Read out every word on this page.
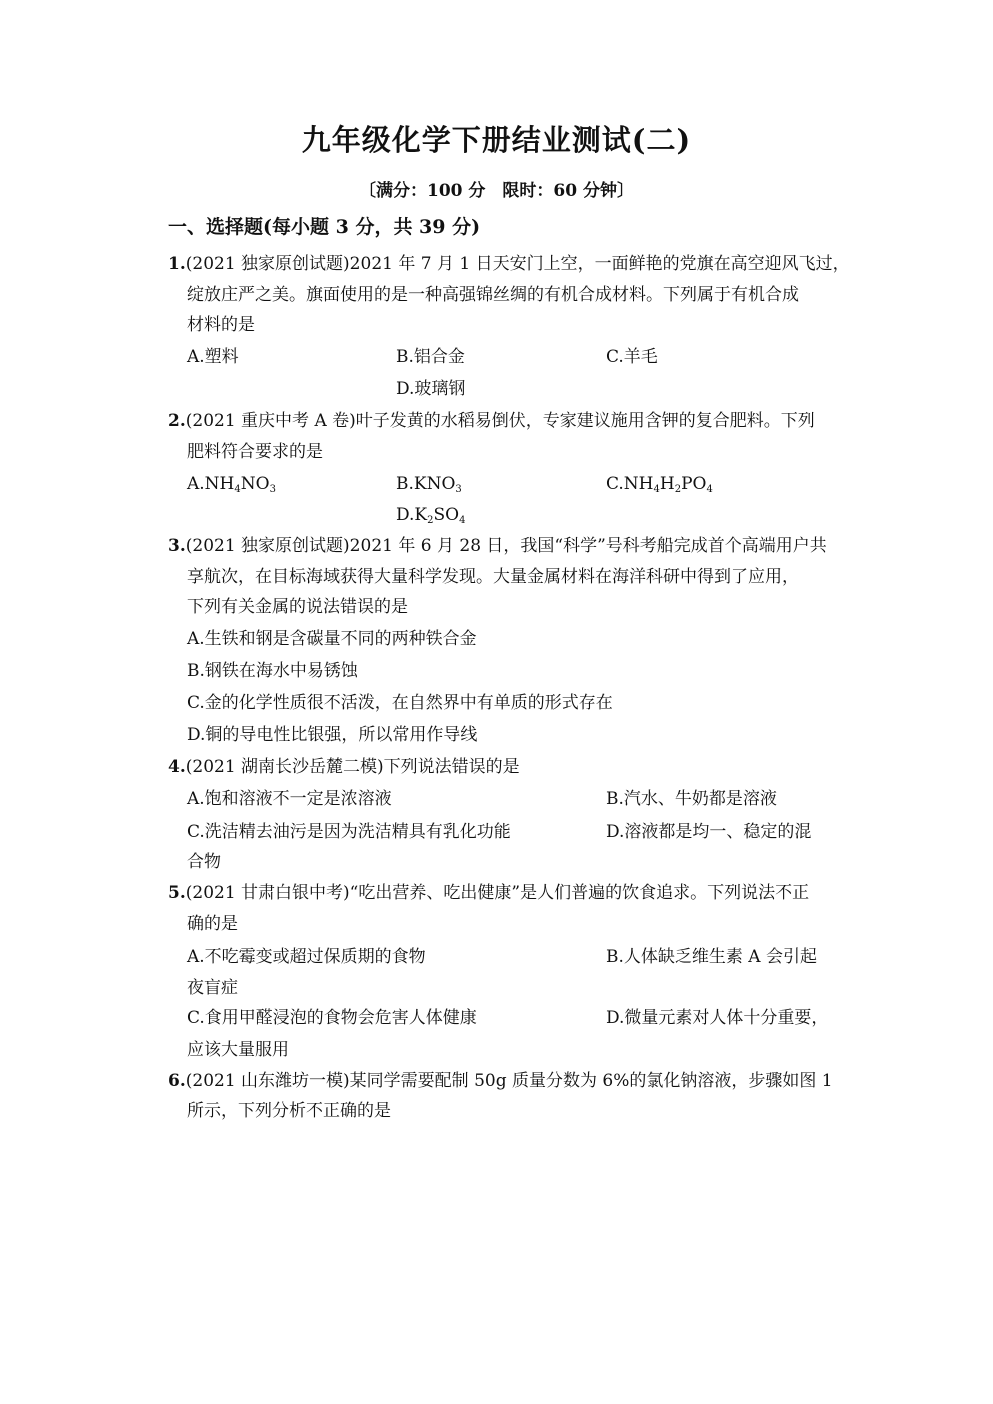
九年级化学下册结业测试(二)
〔满分：100 分　限时：60 分钟〕
一、选择题(每小题 3 分，共 39 分)
1.(2021 独家原创试题)2021 年 7 月 1 日天安门上空，一面鲜艳的党旗在高空迎风飞过，
绽放庄严之美。旗面使用的是一种高强锦丝绸的有机合成材料。下列属于有机合成
材料的是
A.塑料	B.铝合金	C.羊毛
D.玻璃钢
2.(2021 重庆中考 A 卷)叶子发黄的水稻易倒伏，专家建议施用含钾的复合肥料。下列
肥料符合要求的是
$A.NH_4NO_3$	$B.KNO_3$	$C.NH_4H_2PO_4$
$D.K_2SO_4$
3.(2021 独家原创试题)2021 年 6 月 28 日，我国“科学”号科考船完成首个高端用户共
享航次，在目标海域获得大量科学发现。大量金属材料在海洋科研中得到了应用，
下列有关金属的说法错误的是
A.生铁和钢是含碳量不同的两种铁合金
B.钢铁在海水中易锈蚀
C.金的化学性质很不活泼，在自然界中有单质的形式存在
D.铜的导电性比银强，所以常用作导线
4.(2021 湖南长沙岳麓二模)下列说法错误的是
A.饱和溶液不一定是浓溶液	B.汽水、牛奶都是溶液
C.洗洁精去油污是因为洗洁精具有乳化功能	D.溶液都是均一、稳定的混
合物
5.(2021 甘肃白银中考)“吃出营养、吃出健康”是人们普遍的饮食追求。下列说法不正
确的是
A.不吃霉变或超过保质期的食物	B.人体缺乏维生素 A 会引起
夜盲症
C.食用甲醛浸泡的食物会危害人体健康	D.微量元素对人体十分重要，
应该大量服用
6.(2021 山东潍坊一模)某同学需要配制 50g 质量分数为 6%的氯化钠溶液，步骤如图 1
所示，下列分析不正确的是
